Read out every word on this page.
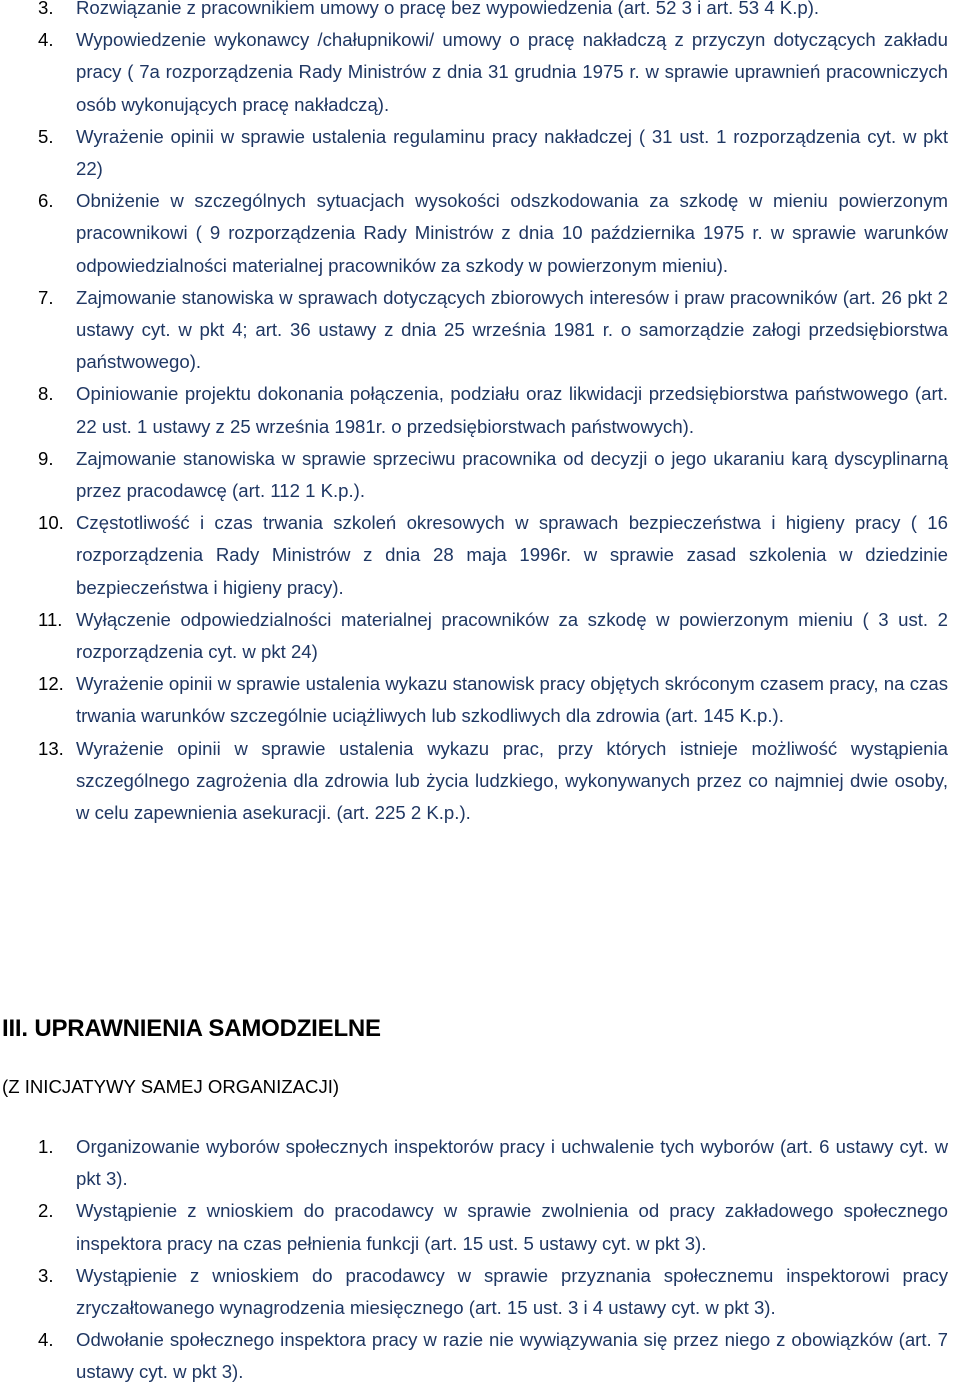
3. Rozwiązanie z pracownikiem umowy o pracę bez wypowiedzenia (art. 52 3 i art. 53 4 K.p).
4. Wypowiedzenie wykonawcy /chałupnikowi/ umowy o pracę nakładczą z przyczyn dotyczących zakładu pracy ( 7a rozporządzenia Rady Ministrów z dnia 31 grudnia 1975 r. w sprawie uprawnień pracowniczych osób wykonujących pracę nakładczą).
5. Wyrażenie opinii w sprawie ustalenia regulaminu pracy nakładczej ( 31 ust. 1 rozporządzenia cyt. w pkt 22)
6. Obniżenie w szczególnych sytuacjach wysokości odszkodowania za szkodę w mieniu powierzonym pracownikowi ( 9 rozporządzenia Rady Ministrów z dnia 10 października 1975 r. w sprawie warunków odpowiedzialności materialnej pracowników za szkody w powierzonym mieniu).
7. Zajmowanie stanowiska w sprawach dotyczących zbiorowych interesów i praw pracowników (art. 26 pkt 2 ustawy cyt. w pkt 4; art. 36 ustawy z dnia 25 września 1981 r. o samorządzie załogi przedsiębiorstwa państwowego).
8. Opiniowanie projektu dokonania połączenia, podziału oraz likwidacji przedsiębiorstwa państwowego (art. 22 ust. 1 ustawy z 25 września 1981r. o przedsiębiorstwach państwowych).
9. Zajmowanie stanowiska w sprawie sprzeciwu pracownika od decyzji o jego ukaraniu karą dyscyplinarną przez pracodawcę (art. 112 1 K.p.).
10. Częstotliwość i czas trwania szkoleń okresowych w sprawach bezpieczeństwa i higieny pracy ( 16 rozporządzenia Rady Ministrów z dnia 28 maja 1996r. w sprawie zasad szkolenia w dziedzinie bezpieczeństwa i higieny pracy).
11. Wyłączenie odpowiedzialności materialnej pracowników za szkodę w powierzonym mieniu ( 3 ust. 2 rozporządzenia cyt. w pkt 24)
12. Wyrażenie opinii w sprawie ustalenia wykazu stanowisk pracy objętych skróconym czasem pracy, na czas trwania warunków szczególnie uciążliwych lub szkodliwych dla zdrowia (art. 145 K.p.).
13. Wyrażenie opinii w sprawie ustalenia wykazu prac, przy których istnieje możliwość wystąpienia szczególnego zagrożenia dla zdrowia lub życia ludzkiego, wykonywanych przez co najmniej dwie osoby, w celu zapewnienia asekuracji. (art. 225 2 K.p.).
III. UPRAWNIENIA SAMODZIELNE

(Z INICJATYWY SAMEJ ORGANIZACJI)

1. Organizowanie wyborów społecznych inspektorów pracy i uchwalenie tych wyborów (art. 6 ustawy cyt. w pkt 3).
2. Wystąpienie z wnioskiem do pracodawcy w sprawie zwolnienia od pracy zakładowego społecznego inspektora pracy na czas pełnienia funkcji (art. 15 ust. 5 ustawy cyt. w pkt 3).
3. Wystąpienie z wnioskiem do pracodawcy w sprawie przyznania społecznemu inspektorowi pracy zryczałtowanego wynagrodzenia miesięcznego (art. 15 ust. 3 i 4 ustawy cyt. w pkt 3).
4. Odwołanie społecznego inspektora pracy w razie nie wywiązywania się przez niego z obowiązków (art. 7 ustawy cyt. w pkt 3).
